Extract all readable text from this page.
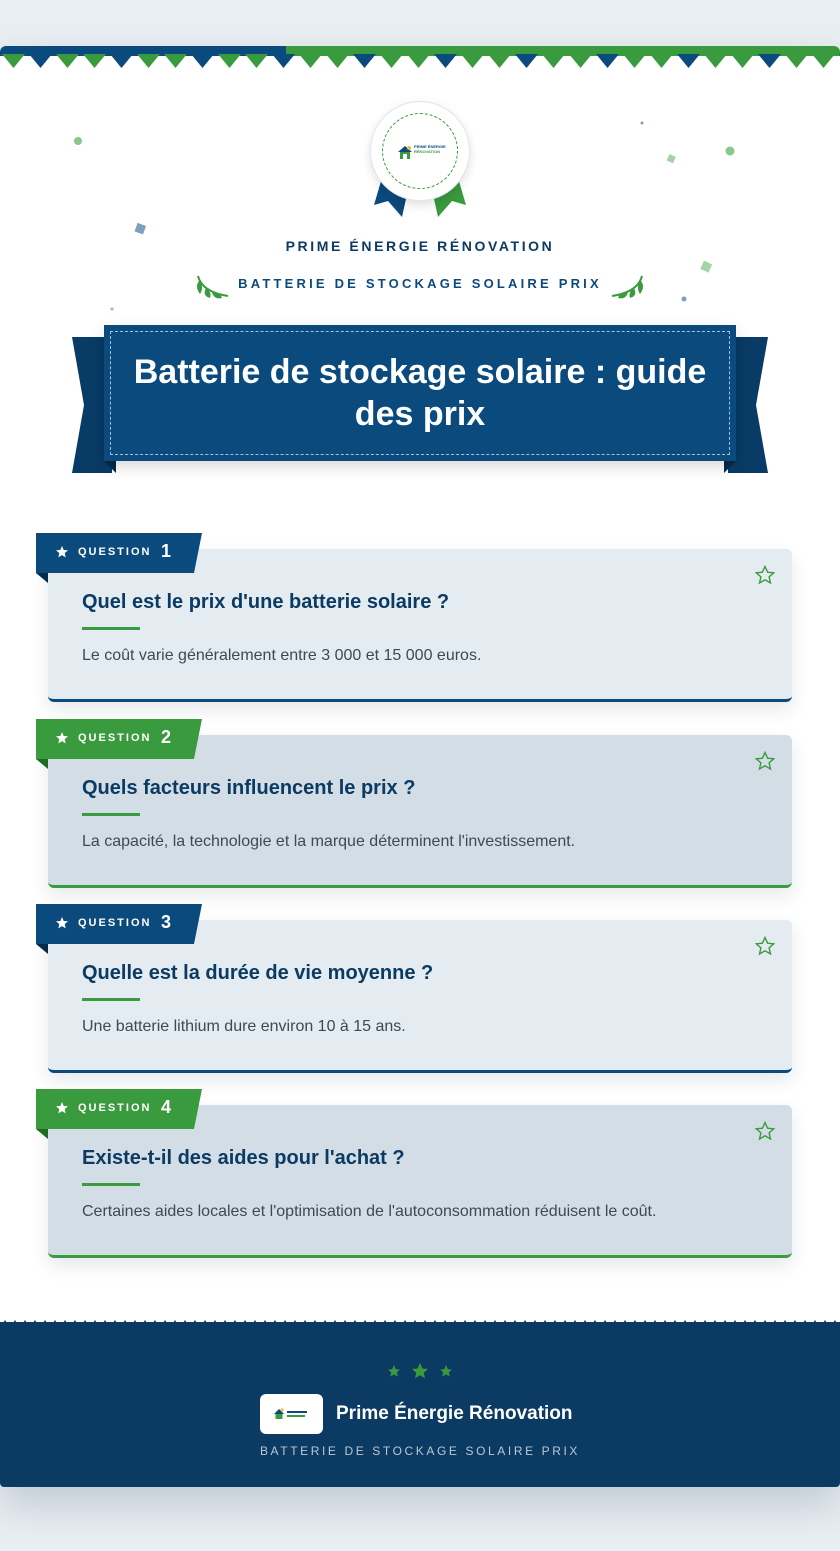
PRIME ÉNERGIE
RÉNOVATION
PRIME ÉNERGIE RÉNOVATION
BATTERIE DE STOCKAGE SOLAIRE PRIX
Batterie de stockage solaire : guide des prix
Quel est le prix d'une batterie solaire ?
Le coût varie généralement entre 3 000 et 15 000 euros.
QUESTION 1
Quels facteurs influencent le prix ?
La capacité, la technologie et la marque déterminent l'investissement.
QUESTION 2
Quelle est la durée de vie moyenne ?
Une batterie lithium dure environ 10 à 15 ans.
QUESTION 3
Existe-t-il des aides pour l'achat ?
Certaines aides locales et l'optimisation de l'autoconsommation réduisent le coût.
QUESTION 4
Prime Énergie Rénovation
BATTERIE DE STOCKAGE SOLAIRE PRIX
